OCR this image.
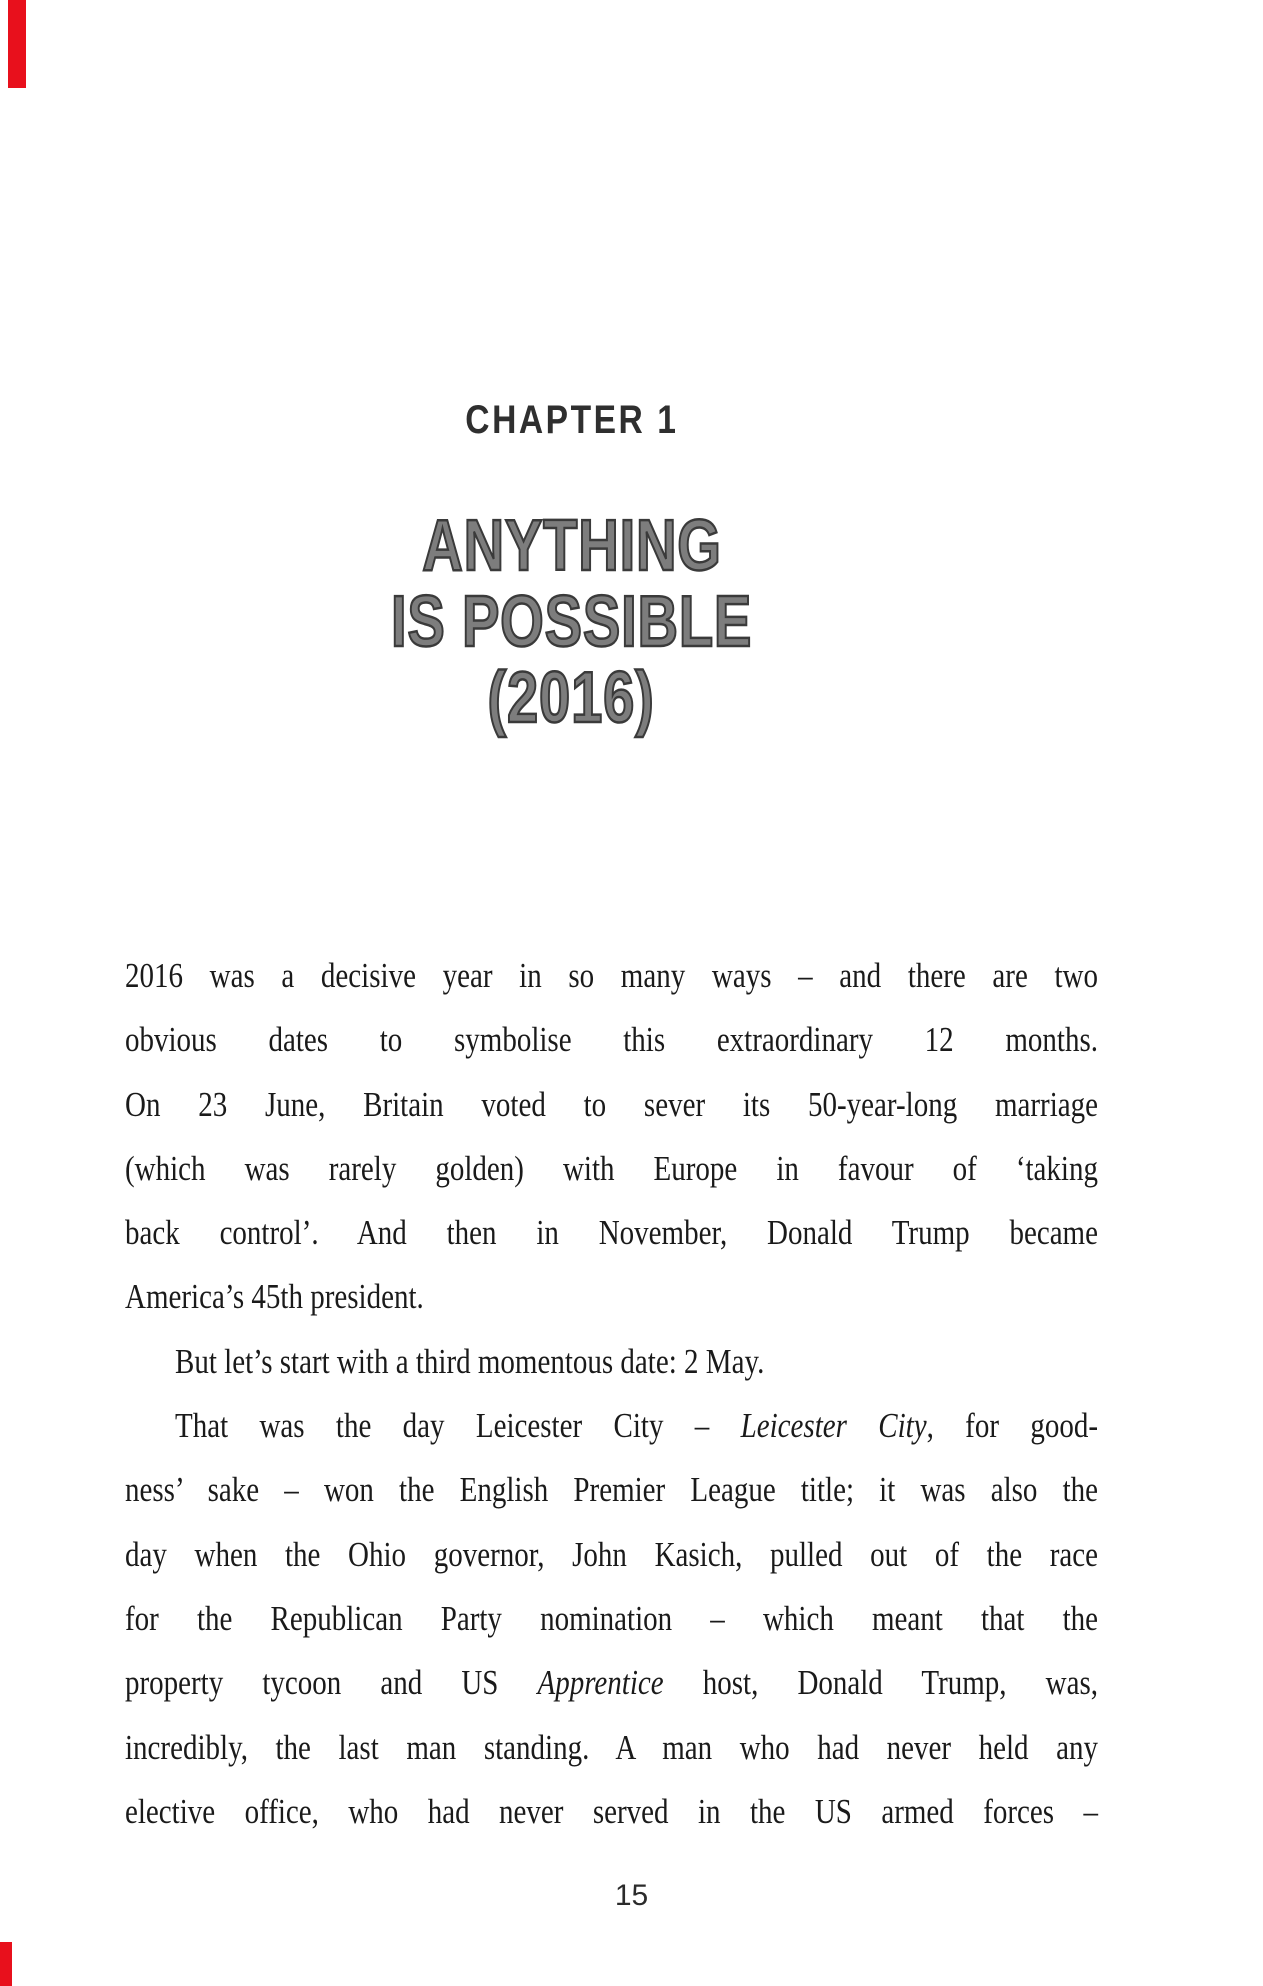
CHAPTER 1
ANYTHING
IS POSSIBLE
(2016)

2016 was a decisive year in so many ways – and there are two

obvious dates to symbolise this extraordinary 12 months.

On 23 June, Britain voted to sever its 50-year-long marriage

(which was rarely golden) with Europe in favour of ‘taking

back control’. And then in November, Donald Trump became

America’s 45th president.

But let’s start with a third momentous date: 2 May.

That was the day Leicester City – Leicester City, for good-

ness’ sake – won the English Premier League title; it was also the

day when the Ohio governor, John Kasich, pulled out of the race

for the Republican Party nomination – which meant that the

property tycoon and US Apprentice host, Donald Trump, was,

incredibly, the last man standing. A man who had never held any

elective office, who had never served in the US armed forces –

15
